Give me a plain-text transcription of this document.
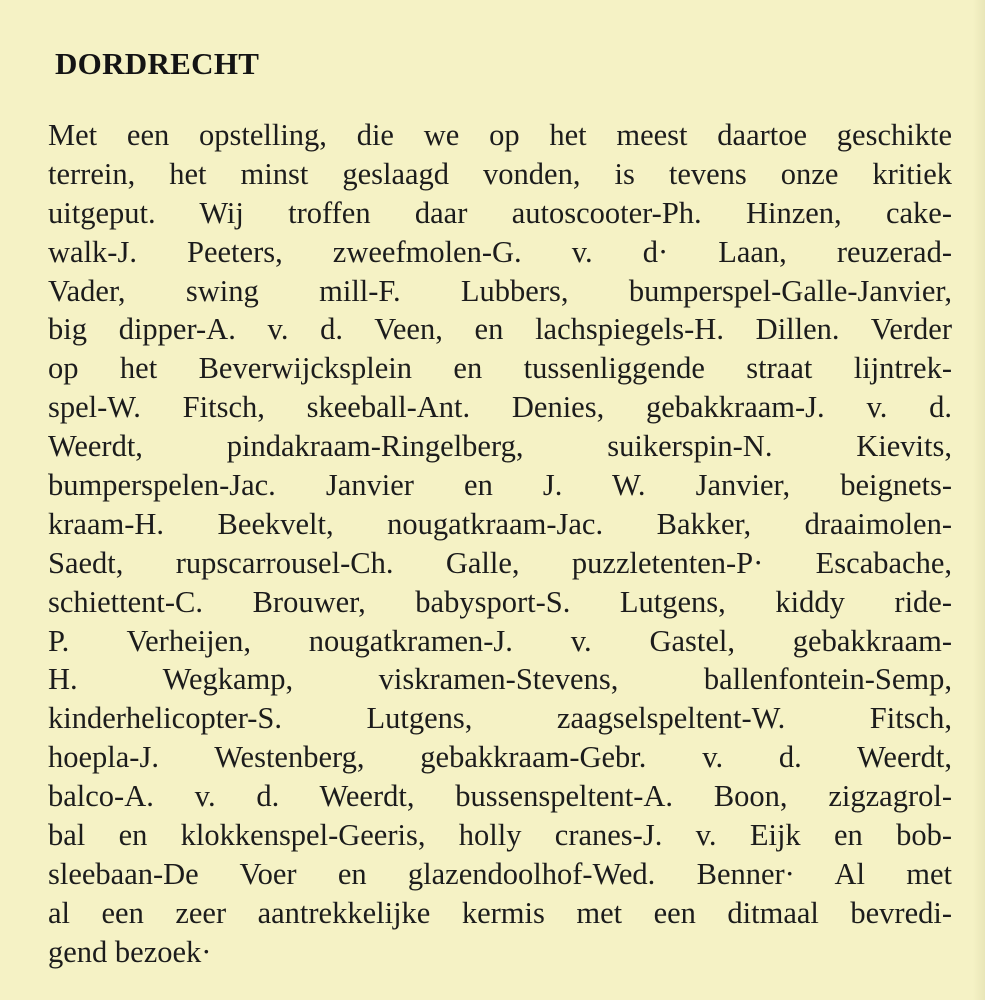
DORDRECHT
Met een opstelling, die we op het meest daartoe geschikte
terrein, het minst geslaagd vonden, is tevens onze kritiek
uitgeput. Wij troffen daar autoscooter-Ph. Hinzen, cake-
walk-J. Peeters, zweefmolen-G. v. d· Laan, reuzerad-
Vader, swing mill-F. Lubbers, bumperspel-Galle-Janvier,
big dipper-A. v. d. Veen, en lachspiegels-H. Dillen. Verder
op het Beverwijcksplein en tussenliggende straat lijntrek-
spel-W. Fitsch, skeeball-Ant. Denies, gebakkraam-J. v. d.
Weerdt, pindakraam-Ringelberg, suikerspin-N. Kievits,
bumperspelen-Jac. Janvier en J. W. Janvier, beignets-
kraam-H. Beekvelt, nougatkraam-Jac. Bakker, draaimolen-
Saedt, rupscarrousel-Ch. Galle, puzzletenten-P· Escabache,
schiettent-C. Brouwer, babysport-S. Lutgens, kiddy ride-
P. Verheijen, nougatkramen-J. v. Gastel, gebakkraam-
H. Wegkamp, viskramen-Stevens, ballenfontein-Semp,
kinderhelicopter-S. Lutgens, zaagselspeltent-W. Fitsch,
hoepla-J. Westenberg, gebakkraam-Gebr. v. d. Weerdt,
balco-A. v. d. Weerdt, bussenspeltent-A. Boon, zigzagrol-
bal en klokkenspel-Geeris, holly cranes-J. v. Eijk en bob-
sleebaan-De Voer en glazendoolhof-Wed. Benner· Al met
al een zeer aantrekkelijke kermis met een ditmaal bevredi-
gend bezoek·
